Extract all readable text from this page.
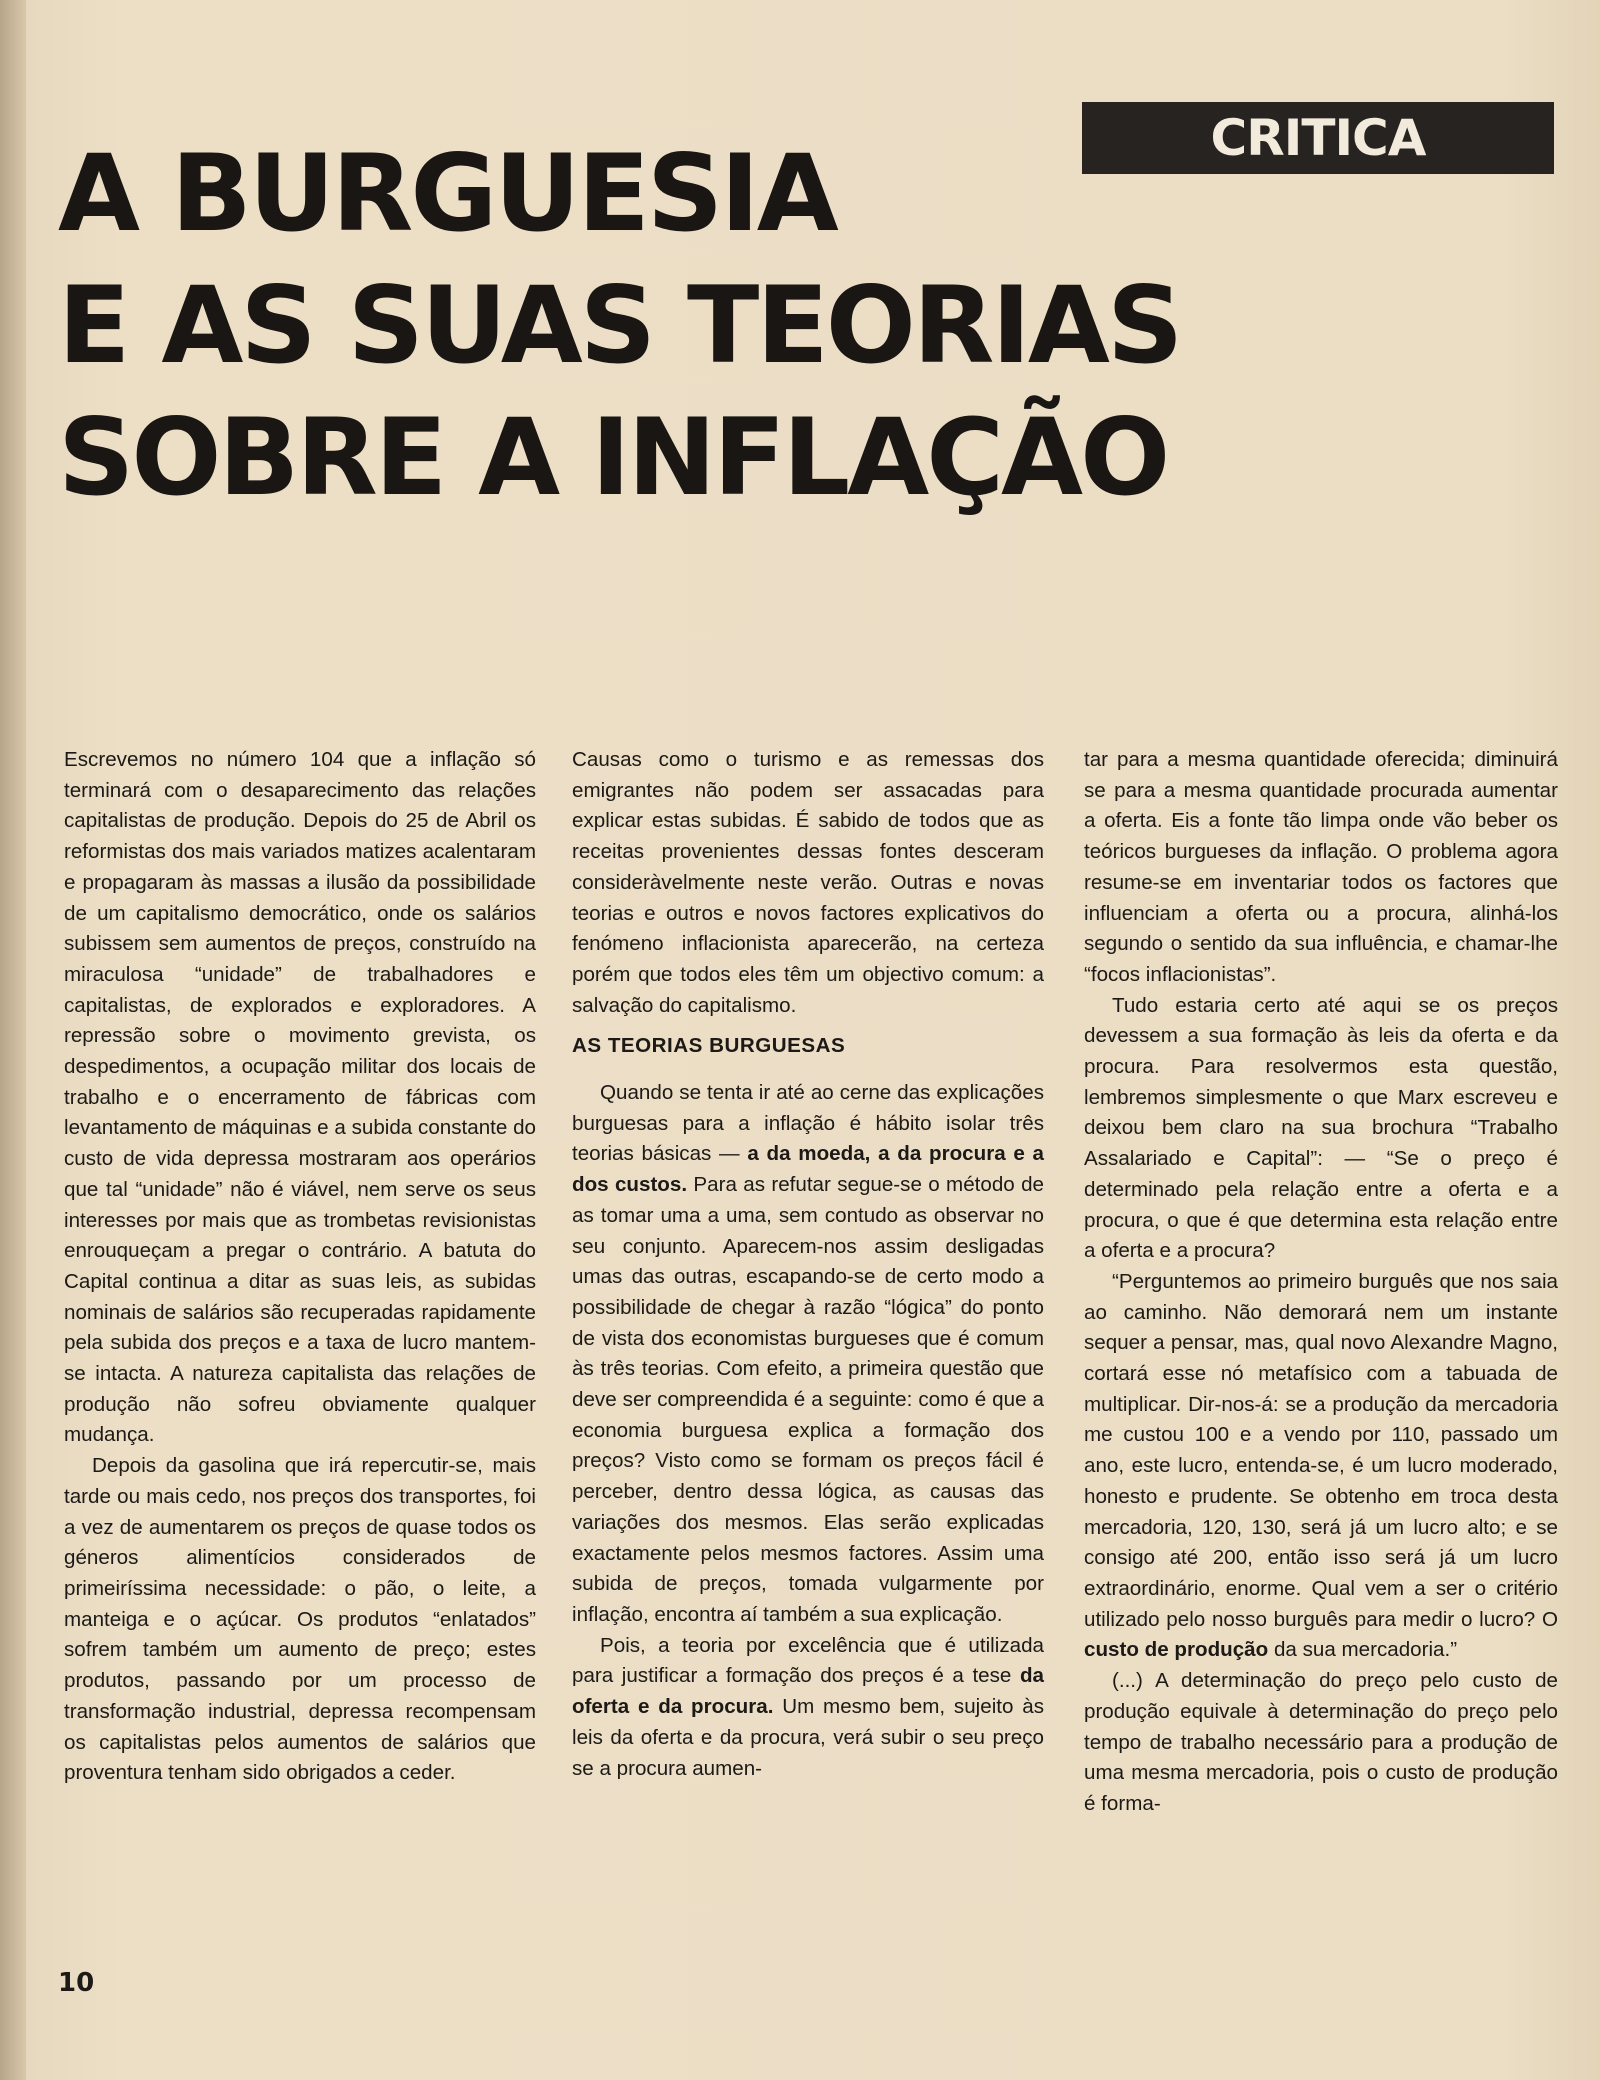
CRITICA
A BURGUESIA
E AS SUAS TEORIAS
SOBRE A INFLAÇÃO

Escrevemos no número 104 que a inflação só terminará com o desaparecimento das relações capitalistas de produção. Depois do 25 de Abril os reformistas dos mais variados matizes acalentaram e propagaram às massas a ilusão da possibilidade de um capitalismo democrático, onde os salários subissem sem aumentos de preços, construído na miraculosa “unidade” de trabalhadores e capitalistas, de explorados e exploradores. A repressão sobre o movimento grevista, os despedimentos, a ocupação militar dos locais de trabalho e o encerramento de fábricas com levantamento de máquinas e a subida constante do custo de vida depressa mostraram aos operários que tal “unidade” não é viável, nem serve os seus interesses por mais que as trombetas revisionistas enrouqueçam a pregar o contrário. A batuta do Capital continua a ditar as suas leis, as subidas nominais de salários são recuperadas rapidamente pela subida dos preços e a taxa de lucro mantem-se intacta. A natureza capitalista das relações de produção não sofreu obviamente qualquer mudança.

Depois da gasolina que irá repercutir-se, mais tarde ou mais cedo, nos preços dos transportes, foi a vez de aumentarem os preços de quase todos os géneros alimentícios considerados de primeiríssima necessidade: o pão, o leite, a manteiga e o açúcar. Os produtos “enlatados” sofrem também um aumento de preço; estes produtos, passando por um processo de transformação industrial, depressa recompensam os capitalistas pelos aumentos de salários que proventura tenham sido obrigados a ceder.

Causas como o turismo e as remessas dos emigrantes não podem ser assacadas para explicar estas subidas. É sabido de todos que as receitas provenientes dessas fontes desceram consideràvelmente neste verão. Outras e novas teorias e outros e novos factores explicativos do fenómeno inflacionista aparecerão, na certeza porém que todos eles têm um objectivo comum: a salvação do capitalismo.

AS TEORIAS BURGUESAS

Quando se tenta ir até ao cerne das explicações burguesas para a inflação é hábito isolar três teorias básicas — a da moeda, a da procura e a dos custos. Para as refutar segue-se o método de as tomar uma a uma, sem contudo as observar no seu conjunto. Aparecem-nos assim desligadas umas das outras, escapando-se de certo modo a possibilidade de chegar à razão “lógica” do ponto de vista dos economistas burgueses que é comum às três teorias. Com efeito, a primeira questão que deve ser compreendida é a seguinte: como é que a economia burguesa explica a formação dos preços? Visto como se formam os preços fácil é perceber, dentro dessa lógica, as causas das variações dos mesmos. Elas serão explicadas exactamente pelos mesmos factores. Assim uma subida de preços, tomada vulgarmente por inflação, encontra aí também a sua explicação.

Pois, a teoria por excelência que é utilizada para justificar a formação dos preços é a tese da oferta e da procura. Um mesmo bem, sujeito às leis da oferta e da procura, verá subir o seu preço se a procura aumen-

tar para a mesma quantidade oferecida; diminuirá se para a mesma quantidade procurada aumentar a oferta. Eis a fonte tão limpa onde vão beber os teóricos burgueses da inflação. O problema agora resume-se em inventariar todos os factores que influenciam a oferta ou a procura, alinhá-los segundo o sentido da sua influência, e chamar-lhe “focos inflacionistas”.

Tudo estaria certo até aqui se os preços devessem a sua formação às leis da oferta e da procura. Para resolvermos esta questão, lembremos simplesmente o que Marx escreveu e deixou bem claro na sua brochura “Trabalho Assalariado e Capital”: — “Se o preço é determinado pela relação entre a oferta e a procura, o que é que determina esta relação entre a oferta e a procura?

“Perguntemos ao primeiro burguês que nos saia ao caminho. Não demorará nem um instante sequer a pensar, mas, qual novo Alexandre Magno, cortará esse nó metafísico com a tabuada de multiplicar. Dir-nos-á: se a produção da mercadoria me custou 100 e a vendo por 110, passado um ano, este lucro, entenda-se, é um lucro moderado, honesto e prudente. Se obtenho em troca desta mercadoria, 120, 130, será já um lucro alto; e se consigo até 200, então isso será já um lucro extraordinário, enorme. Qual vem a ser o critério utilizado pelo nosso burguês para medir o lucro? O custo de produção da sua mercadoria.”

(...) A determinação do preço pelo custo de produção equivale à determinação do preço pelo tempo de trabalho necessário para a produção de uma mesma mercadoria, pois o custo de produção é forma-

10
